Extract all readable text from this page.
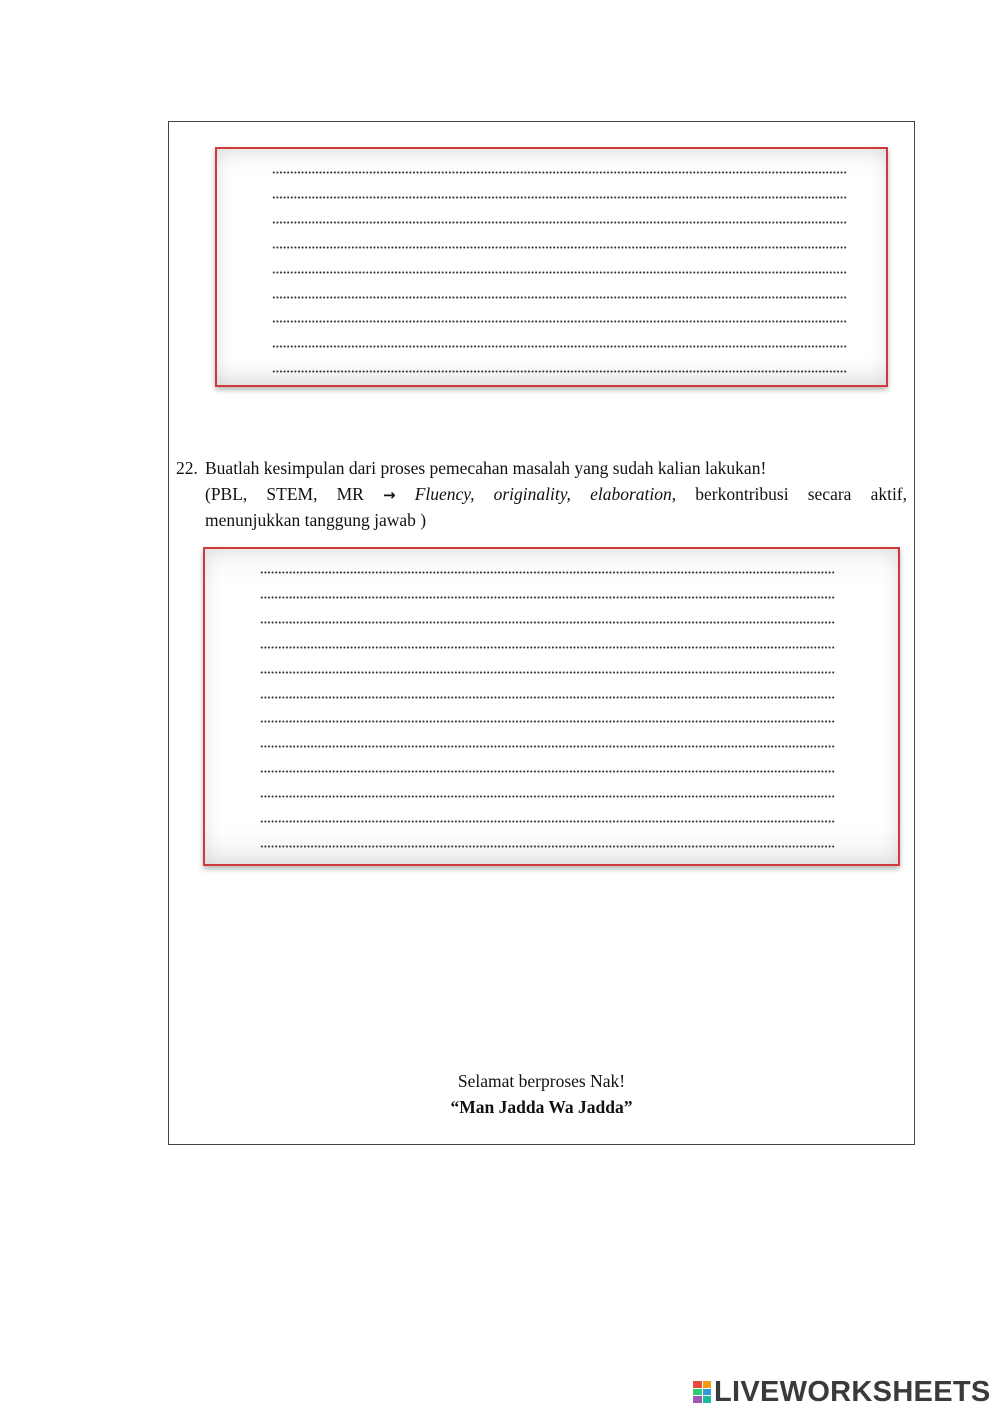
22. Buatlah kesimpulan dari proses pemecahan masalah yang sudah kalian lakukan!

(PBL, STEM, MR → Fluency, originality, elaboration, berkontribusi secara aktif,

menunjukkan tanggung jawab )

Selamat berproses Nak!
“Man Jadda Wa Jadda”
LIVEWORKSHEETS
